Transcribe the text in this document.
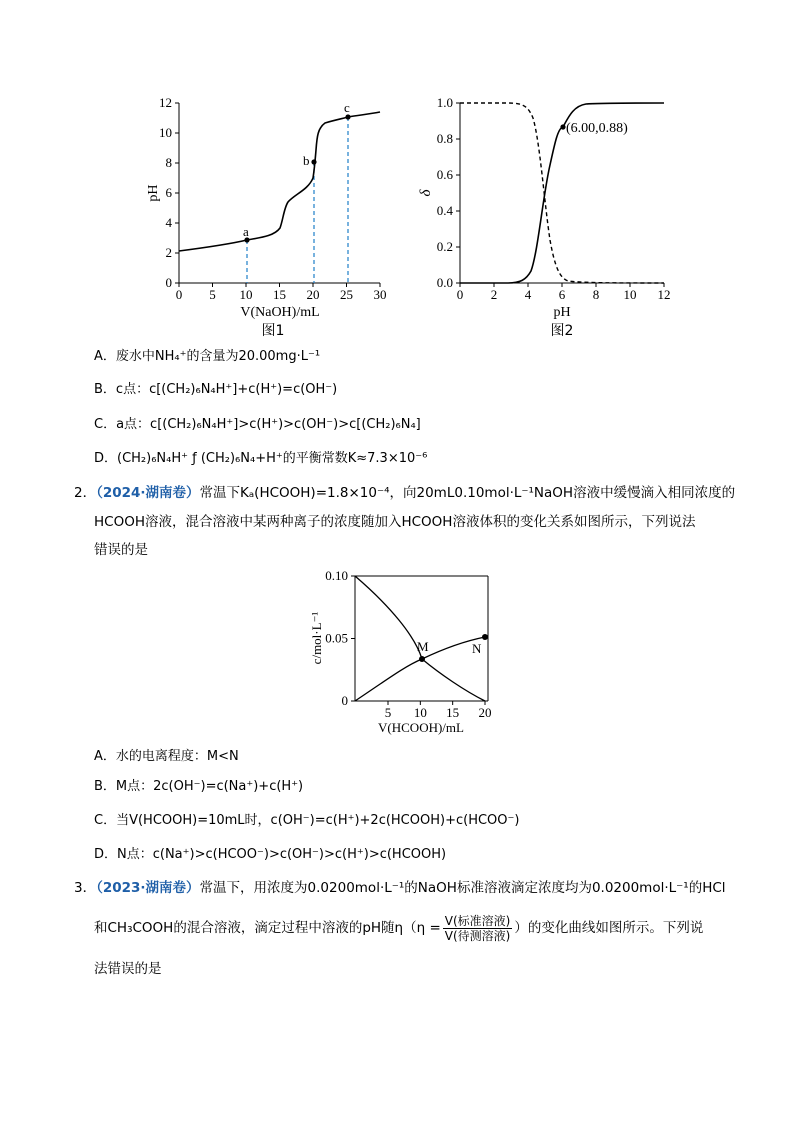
0 5 10 15 20 25 30
0
2
4
6
8
10
12
a
b
c
pH
V(NaOH)/mL
图1
0 2 4 6 8 10 12
0.0
0.2
0.4
0.6
0.8
1.0
(6.00,0.88)
δ
pH
图2
A．废水中NH₄⁺的含量为20.00mg·L⁻¹
B．c点：c[(CH₂)₆N₄H⁺]+c(H⁺)=c(OH⁻)
C．a点：c[(CH₂)₆N₄H⁺]>c(H⁺)>c(OH⁻)>c[(CH₂)₆N₄]
D．(CH₂)₆N₄H⁺ ƒ (CH₂)₆N₄+H⁺的平衡常数K≈7.3×10⁻⁶
2．（2024·湖南卷）常温下Kₐ(HCOOH)=1.8×10⁻⁴，向20mL0.10mol·L⁻¹NaOH溶液中缓慢滴入相同浓度的
HCOOH溶液，混合溶液中某两种离子的浓度随加入HCOOH溶液体积的变化关系如图所示，下列说法
错误的是
5 10 15 20
0
0.05
0.10
M	N
c/mol·L⁻¹
V(HCOOH)/mL
A．水的电离程度：M<N
B．M点：2c(OH⁻)=c(Na⁺)+c(H⁺)
C．当V(HCOOH)=10mL时，c(OH⁻)=c(H⁺)+2c(HCOOH)+c(HCOO⁻)
D．N点：c(Na⁺)>c(HCOO⁻)>c(OH⁻)>c(H⁺)>c(HCOOH)
3．（2023·湖南卷）常温下，用浓度为0.0200mol·L⁻¹的NaOH标准溶液滴定浓度均为0.0200mol·L⁻¹的HCl
和CH₃COOH的混合溶液，滴定过程中溶液的pH随$\eta(\eta = \frac{\text{V(标准溶液)}}{\text{V(待测溶液)}}$ ）的变化曲线如图所示。下列说
法错误的是
